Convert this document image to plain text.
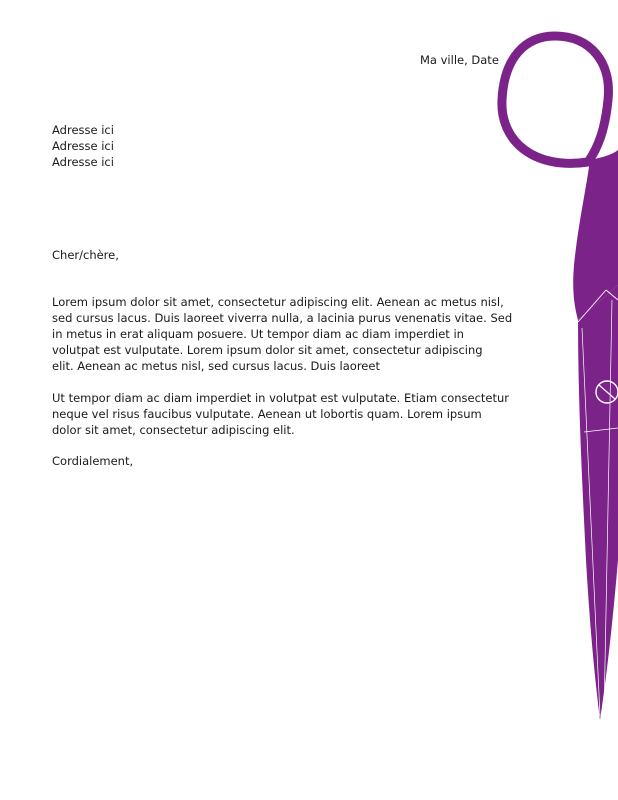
Ma ville, Date

Adresse ici
Adresse ici
Adresse ici

Cher/chère,

Lorem ipsum dolor sit amet, consectetur adipiscing elit. Aenean ac metus nisl,
sed cursus lacus. Duis laoreet viverra nulla, a lacinia purus venenatis vitae. Sed
in metus in erat aliquam posuere. Ut tempor diam ac diam imperdiet in
volutpat est vulputate. Lorem ipsum dolor sit amet, consectetur adipiscing
elit. Aenean ac metus nisl, sed cursus lacus. Duis laoreet
Ut tempor diam ac diam imperdiet in volutpat est vulputate. Etiam consectetur
neque vel risus faucibus vulputate. Aenean ut lobortis quam. Lorem ipsum
dolor sit amet, consectetur adipiscing elit.

Cordialement,
